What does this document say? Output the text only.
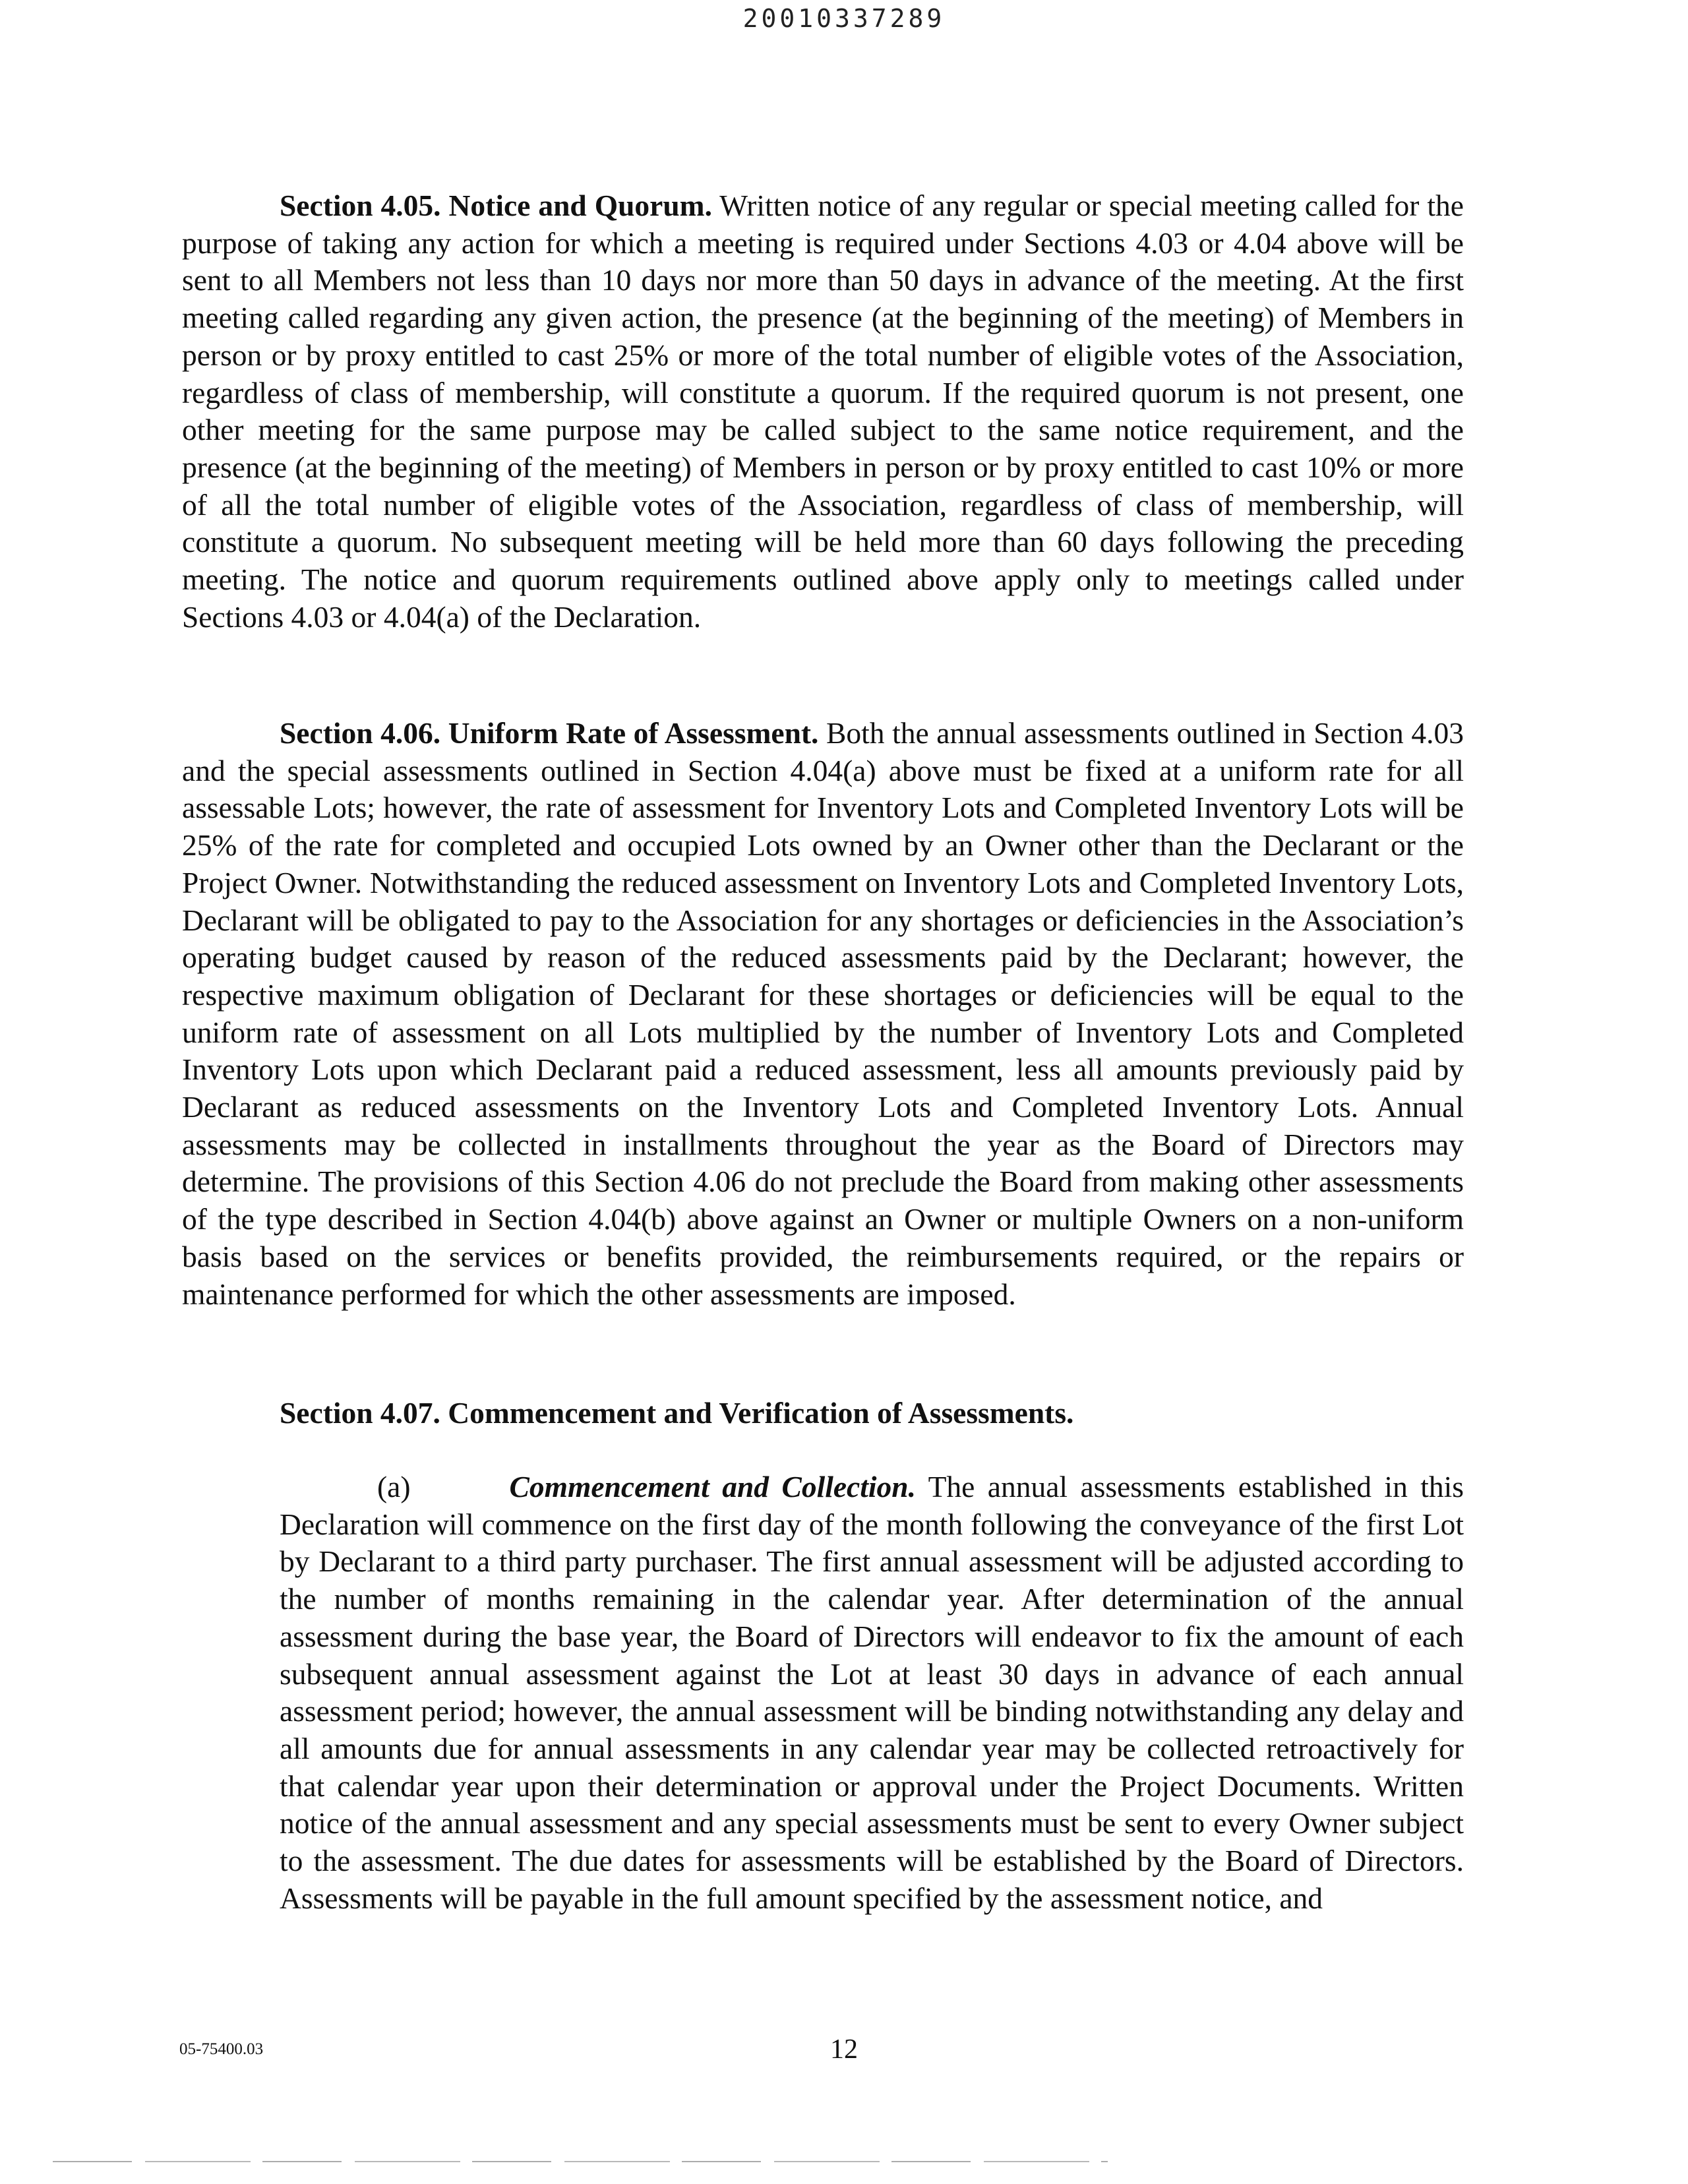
20010337289

Section 4.05. Notice and Quorum. Written notice of any regular or special meeting called for the purpose of taking any action for which a meeting is required under Sections 4.03 or 4.04 above will be sent to all Members not less than 10 days nor more than 50 days in advance of the meeting. At the first meeting called regarding any given action, the presence (at the beginning of the meeting) of Members in person or by proxy entitled to cast 25% or more of the total number of eligible votes of the Association, regardless of class of membership, will constitute a quorum. If the required quorum is not present, one other meeting for the same purpose may be called subject to the same notice requirement, and the presence (at the beginning of the meeting) of Members in person or by proxy entitled to cast 10% or more of all the total number of eligible votes of the Association, regardless of class of membership, will constitute a quorum. No subsequent meeting will be held more than 60 days following the preceding meeting. The notice and quorum requirements outlined above apply only to meetings called under Sections 4.03 or 4.04(a) of the Declaration.

Section 4.06. Uniform Rate of Assessment. Both the annual assessments outlined in Section 4.03 and the special assessments outlined in Section 4.04(a) above must be fixed at a uniform rate for all assessable Lots; however, the rate of assessment for Inventory Lots and Completed Inventory Lots will be 25% of the rate for completed and occupied Lots owned by an Owner other than the Declarant or the Project Owner. Notwithstanding the reduced assessment on Inventory Lots and Completed Inventory Lots, Declarant will be obligated to pay to the Association for any shortages or deficiencies in the Association’s operating budget caused by reason of the reduced assessments paid by the Declarant; however, the respective maximum obligation of Declarant for these shortages or deficiencies will be equal to the uniform rate of assessment on all Lots multiplied by the number of Inventory Lots and Completed Inventory Lots upon which Declarant paid a reduced assessment, less all amounts previously paid by Declarant as reduced assessments on the Inventory Lots and Completed Inventory Lots. Annual assessments may be collected in installments throughout the year as the Board of Directors may determine. The provisions of this Section 4.06 do not preclude the Board from making other assessments of the type described in Section 4.04(b) above against an Owner or multiple Owners on a non-uniform basis based on the services or benefits provided, the reimbursements required, or the repairs or maintenance performed for which the other assessments are imposed.

Section 4.07. Commencement and Verification of Assessments.

(a)	Commencement and Collection. The annual assessments established in this Declaration will commence on the first day of the month following the conveyance of the first Lot by Declarant to a third party purchaser. The first annual assessment will be adjusted according to the number of months remaining in the calendar year. After determination of the annual assessment during the base year, the Board of Directors will endeavor to fix the amount of each subsequent annual assessment against the Lot at least 30 days in advance of each annual assessment period; however, the annual assessment will be binding notwithstanding any delay and all amounts due for annual assessments in any calendar year may be collected retroactively for that calendar year upon their determination or approval under the Project Documents. Written notice of the annual assessment and any special assessments must be sent to every Owner subject to the assessment. The due dates for assessments will be established by the Board of Directors. Assessments will be payable in the full amount specified by the assessment notice, and

05-75400.03	12
